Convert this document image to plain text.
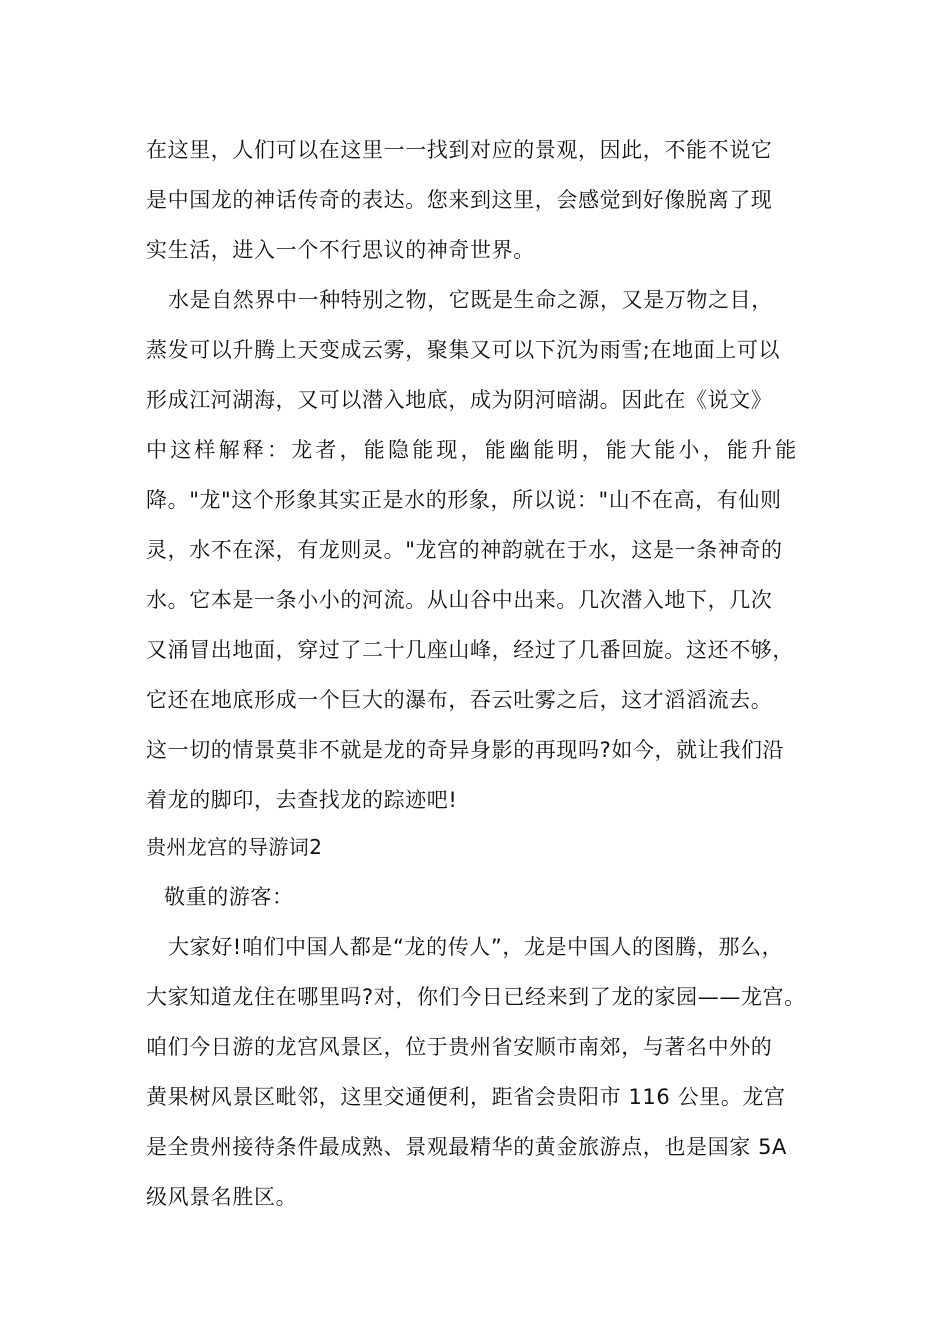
在这里，人们可以在这里一一找到对应的景观，因此，不能不说它
是中国龙的神话传奇的表达。您来到这里，会感觉到好像脱离了现
实生活，进入一个不行思议的神奇世界。
水是自然界中一种特别之物，它既是生命之源，又是万物之目，
蒸发可以升腾上天变成云雾，聚集又可以下沉为雨雪;在地面上可以
形成江河湖海，又可以潜入地底，成为阴河暗湖。因此在《说文》
中这样解释：龙者，能隐能现，能幽能明，能大能小，能升能
降。"龙"这个形象其实正是水的形象，所以说："山不在高，有仙则
灵，水不在深，有龙则灵。"龙宫的神韵就在于水，这是一条神奇的
水。它本是一条小小的河流。从山谷中出来。几次潜入地下，几次
又涌冒出地面，穿过了二十几座山峰，经过了几番回旋。这还不够，
它还在地底形成一个巨大的瀑布，吞云吐雾之后，这才滔滔流去。
这一切的情景莫非不就是龙的奇异身影的再现吗?如今，就让我们沿
着龙的脚印，去查找龙的踪迹吧!
贵州龙宫的导游词2
敬重的游客：
大家好!咱们中国人都是“龙的传人”，龙是中国人的图腾，那么，
大家知道龙住在哪里吗?对，你们今日已经来到了龙的家园——龙宫。
咱们今日游的龙宫风景区，位于贵州省安顺市南郊，与著名中外的
黄果树风景区毗邻，这里交通便利，距省会贵阳市 116 公里。龙宫
是全贵州接待条件最成熟、景观最精华的黄金旅游点，也是国家 5A
级风景名胜区。
